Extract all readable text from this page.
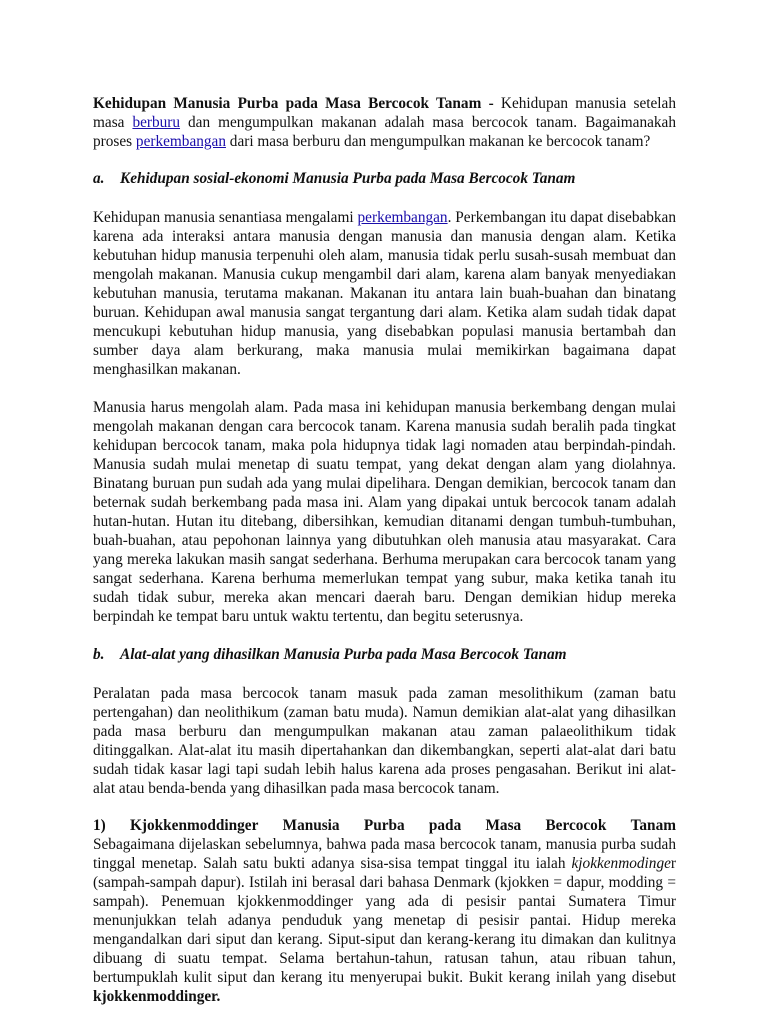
Kehidupan Manusia Purba pada Masa Bercocok Tanam - Kehidupan manusia setelah masa berburu dan mengumpulkan makanan adalah masa bercocok tanam. Bagaimanakah proses perkembangan dari masa berburu dan mengumpulkan makanan ke bercocok tanam?

a. Kehidupan sosial-ekonomi Manusia Purba pada Masa Bercocok Tanam

Kehidupan manusia senantiasa mengalami perkembangan. Perkembangan itu dapat disebabkan karena ada interaksi antara manusia dengan manusia dan manusia dengan alam. Ketika kebutuhan hidup manusia terpenuhi oleh alam, manusia tidak perlu susah-susah membuat dan mengolah makanan. Manusia cukup mengambil dari alam, karena alam banyak menyediakan kebutuhan manusia, terutama makanan. Makanan itu antara lain buah-buahan dan binatang buruan. Kehidupan awal manusia sangat tergantung dari alam. Ketika alam sudah tidak dapat mencukupi kebutuhan hidup manusia, yang disebabkan populasi manusia bertambah dan sumber daya alam berkurang, maka manusia mulai memikirkan bagaimana dapat menghasilkan makanan.

Manusia harus mengolah alam. Pada masa ini kehidupan manusia berkembang dengan mulai mengolah makanan dengan cara bercocok tanam. Karena manusia sudah beralih pada tingkat kehidupan bercocok tanam, maka pola hidupnya tidak lagi nomaden atau berpindah-pindah. Manusia sudah mulai menetap di suatu tempat, yang dekat dengan alam yang diolahnya. Binatang buruan pun sudah ada yang mulai dipelihara. Dengan demikian, bercocok tanam dan beternak sudah berkembang pada masa ini. Alam yang dipakai untuk bercocok tanam adalah hutan-hutan. Hutan itu ditebang, dibersihkan, kemudian ditanami dengan tumbuh-tumbuhan, buah-buahan, atau pepohonan lainnya yang dibutuhkan oleh manusia atau masyarakat. Cara yang mereka lakukan masih sangat sederhana. Berhuma merupakan cara bercocok tanam yang sangat sederhana. Karena berhuma memerlukan tempat yang subur, maka ketika tanah itu sudah tidak subur, mereka akan mencari daerah baru. Dengan demikian hidup mereka berpindah ke tempat baru untuk waktu tertentu, dan begitu seterusnya.

b. Alat-alat yang dihasilkan Manusia Purba pada Masa Bercocok Tanam

Peralatan pada masa bercocok tanam masuk pada zaman mesolithikum (zaman batu pertengahan) dan neolithikum (zaman batu muda). Namun demikian alat-alat yang dihasilkan pada masa berburu dan mengumpulkan makanan atau zaman palaeolithikum tidak ditinggalkan. Alat-alat itu masih dipertahankan dan dikembangkan, seperti alat-alat dari batu sudah tidak kasar lagi tapi sudah lebih halus karena ada proses pengasahan. Berikut ini alat-alat atau benda-benda yang dihasilkan pada masa bercocok tanam.

1) Kjokkenmoddinger Manusia Purba pada Masa Bercocok Tanam

Sebagaimana dijelaskan sebelumnya, bahwa pada masa bercocok tanam, manusia purba sudah tinggal menetap. Salah satu bukti adanya sisa-sisa tempat tinggal itu ialah kjokkenmodinger (sampah-sampah dapur). Istilah ini berasal dari bahasa Denmark (kjokken = dapur, modding = sampah). Penemuan kjokkenmoddinger yang ada di pesisir pantai Sumatera Timur menunjukkan telah adanya penduduk yang menetap di pesisir pantai. Hidup mereka mengandalkan dari siput dan kerang. Siput-siput dan kerang-kerang itu dimakan dan kulitnya dibuang di suatu tempat. Selama bertahun-tahun, ratusan tahun, atau ribuan tahun, bertumpuklah kulit siput dan kerang itu menyerupai bukit. Bukit kerang inilah yang disebut kjokkenmoddinger.
